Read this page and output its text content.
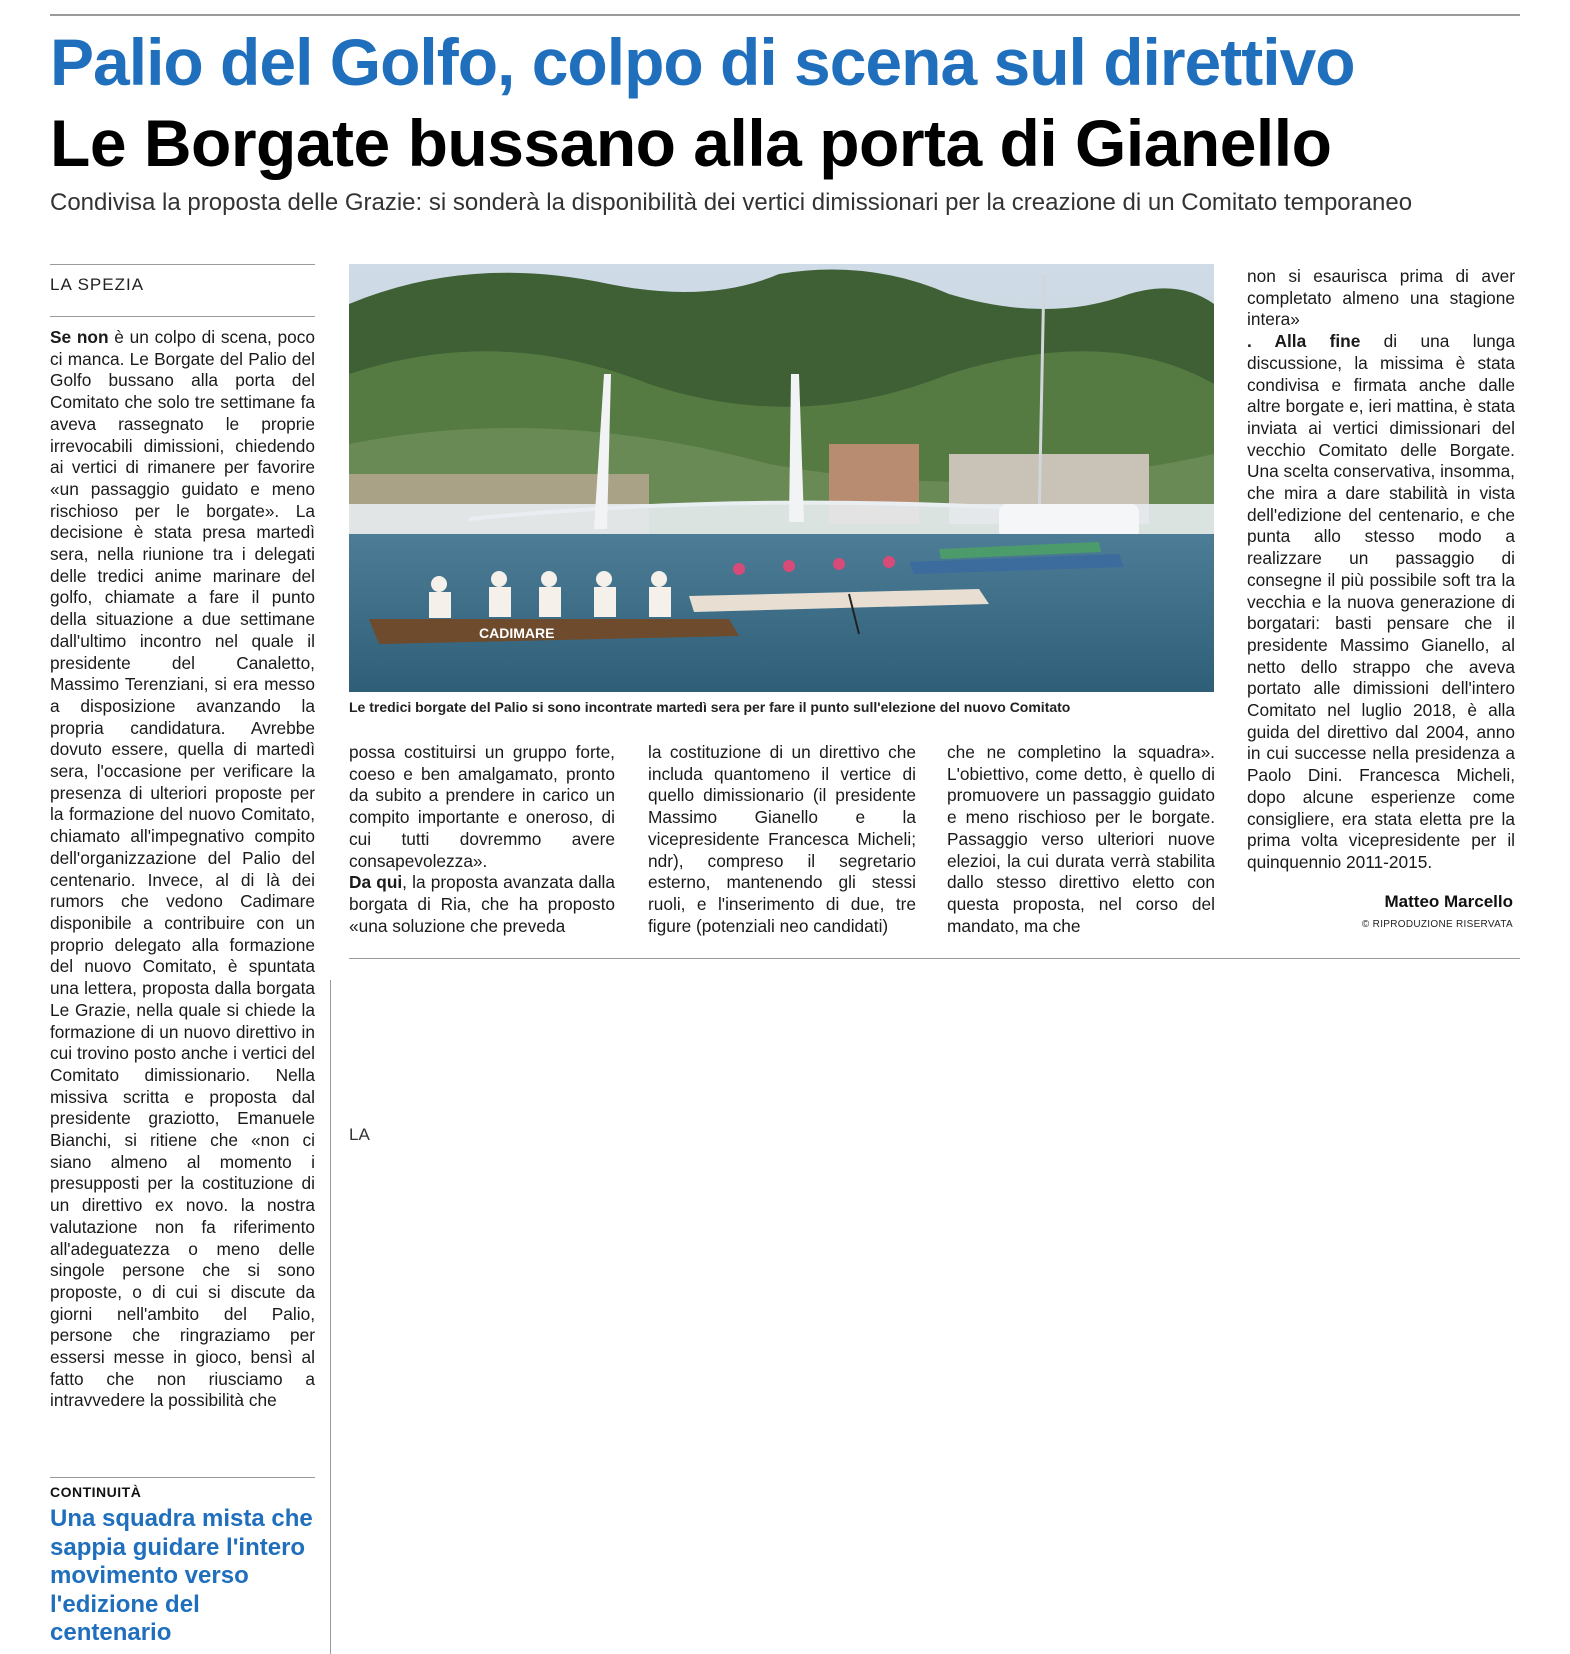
Palio del Golfo, colpo di scena sul direttivo
Le Borgate bussano alla porta di Gianello
Condivisa la proposta delle Grazie: si sonderà la disponibilità dei vertici dimissionari per la creazione di un Comitato temporaneo
LA SPEZIA
Se non è un colpo di scena, poco ci manca. Le Borgate del Palio del Golfo bussano alla porta del Comitato che solo tre settimane fa aveva rassegnato le proprie irrevocabili dimissioni, chiedendo ai vertici di rimanere per favorire «un passaggio guidato e meno rischioso per le borgate». La decisione è stata presa martedì sera, nella riunione tra i delegati delle tredici anime marinare del golfo, chiamate a fare il punto della situazione a due settimane dall'ultimo incontro nel quale il presidente del Canaletto, Massimo Terenziani, si era messo a disposizione avanzando la propria candidatura. Avrebbe dovuto essere, quella di martedì sera, l'occasione per verificare la presenza di ulteriori proposte per la formazione del nuovo Comitato, chiamato all'impegnativo compito dell'organizzazione del Palio del centenario. Invece, al di là dei rumors che vedono Cadimare disponibile a contribuire con un proprio delegato alla formazione del nuovo Comitato, è spuntata una lettera, proposta dalla borgata Le Grazie, nella quale si chiede la formazione di un nuovo direttivo in cui trovino posto anche i vertici del Comitato dimissionario. Nella missiva scritta e proposta dal presidente graziotto, Emanuele Bianchi, si ritiene che «non ci siano almeno al momento i presupposti per la costituzione di un direttivo ex novo. la nostra valutazione non fa riferimento all'adeguatezza o meno delle singole persone che si sono proposte, o di cui si discute da giorni nell'ambito del Palio, persone che ringraziamo per essersi messe in gioco, bensì al fatto che non riusciamo a intravvedere la possibilità che
CADIMARE
Le tredici borgate del Palio si sono incontrate martedì sera per fare il punto sull'elezione del nuovo Comitato
possa costituirsi un gruppo forte, coeso e ben amalgamato, pronto da subito a prendere in carico un compito importante e oneroso, di cui tutti dovremmo avere consapevolezza».
Da qui, la proposta avanzata dalla borgata di Ria, che ha proposto «una soluzione che preveda
la costituzione di un direttivo che includa quantomeno il vertice di quello dimissionario (il presidente Massimo Gianello e la vicepresidente Francesca Micheli; ndr), compreso il segretario esterno, mantenendo gli stessi ruoli, e l'inserimento di due, tre figure (potenziali neo candidati)
che ne completino la squadra». L'obiettivo, come detto, è quello di promuovere un passaggio guidato e meno rischioso per le borgate. Passaggio verso ulteriori nuove elezioi, la cui durata verrà stabilita dallo stesso direttivo eletto con questa proposta, nel corso del mandato, ma che
non si esaurisca prima di aver completato almeno una stagione intera»
. Alla fine di una lunga discussione, la missima è stata condivisa e firmata anche dalle altre borgate e, ieri mattina, è stata inviata ai vertici dimissionari del vecchio Comitato delle Borgate. Una scelta conservativa, insomma, che mira a dare stabilità in vista dell'edizione del centenario, e che punta allo stesso modo a realizzare un passaggio di consegne il più possibile soft tra la vecchia e la nuova generazione di borgatari: basti pensare che il presidente Massimo Gianello, al netto dello strappo che aveva portato alle dimissioni dell'intero Comitato nel luglio 2018, è alla guida del direttivo dal 2004, anno in cui successe nella presidenza a Paolo Dini. Francesca Micheli, dopo alcune esperienze come consigliere, era stata eletta pre la prima volta vicepresidente per il quinquennio 2011-2015.
Matteo Marcello
© RIPRODUZIONE RISERVATA
LA
CONTINUITÀ
Una squadra mista che sappia guidare l'intero movimento verso l'edizione del centenario
